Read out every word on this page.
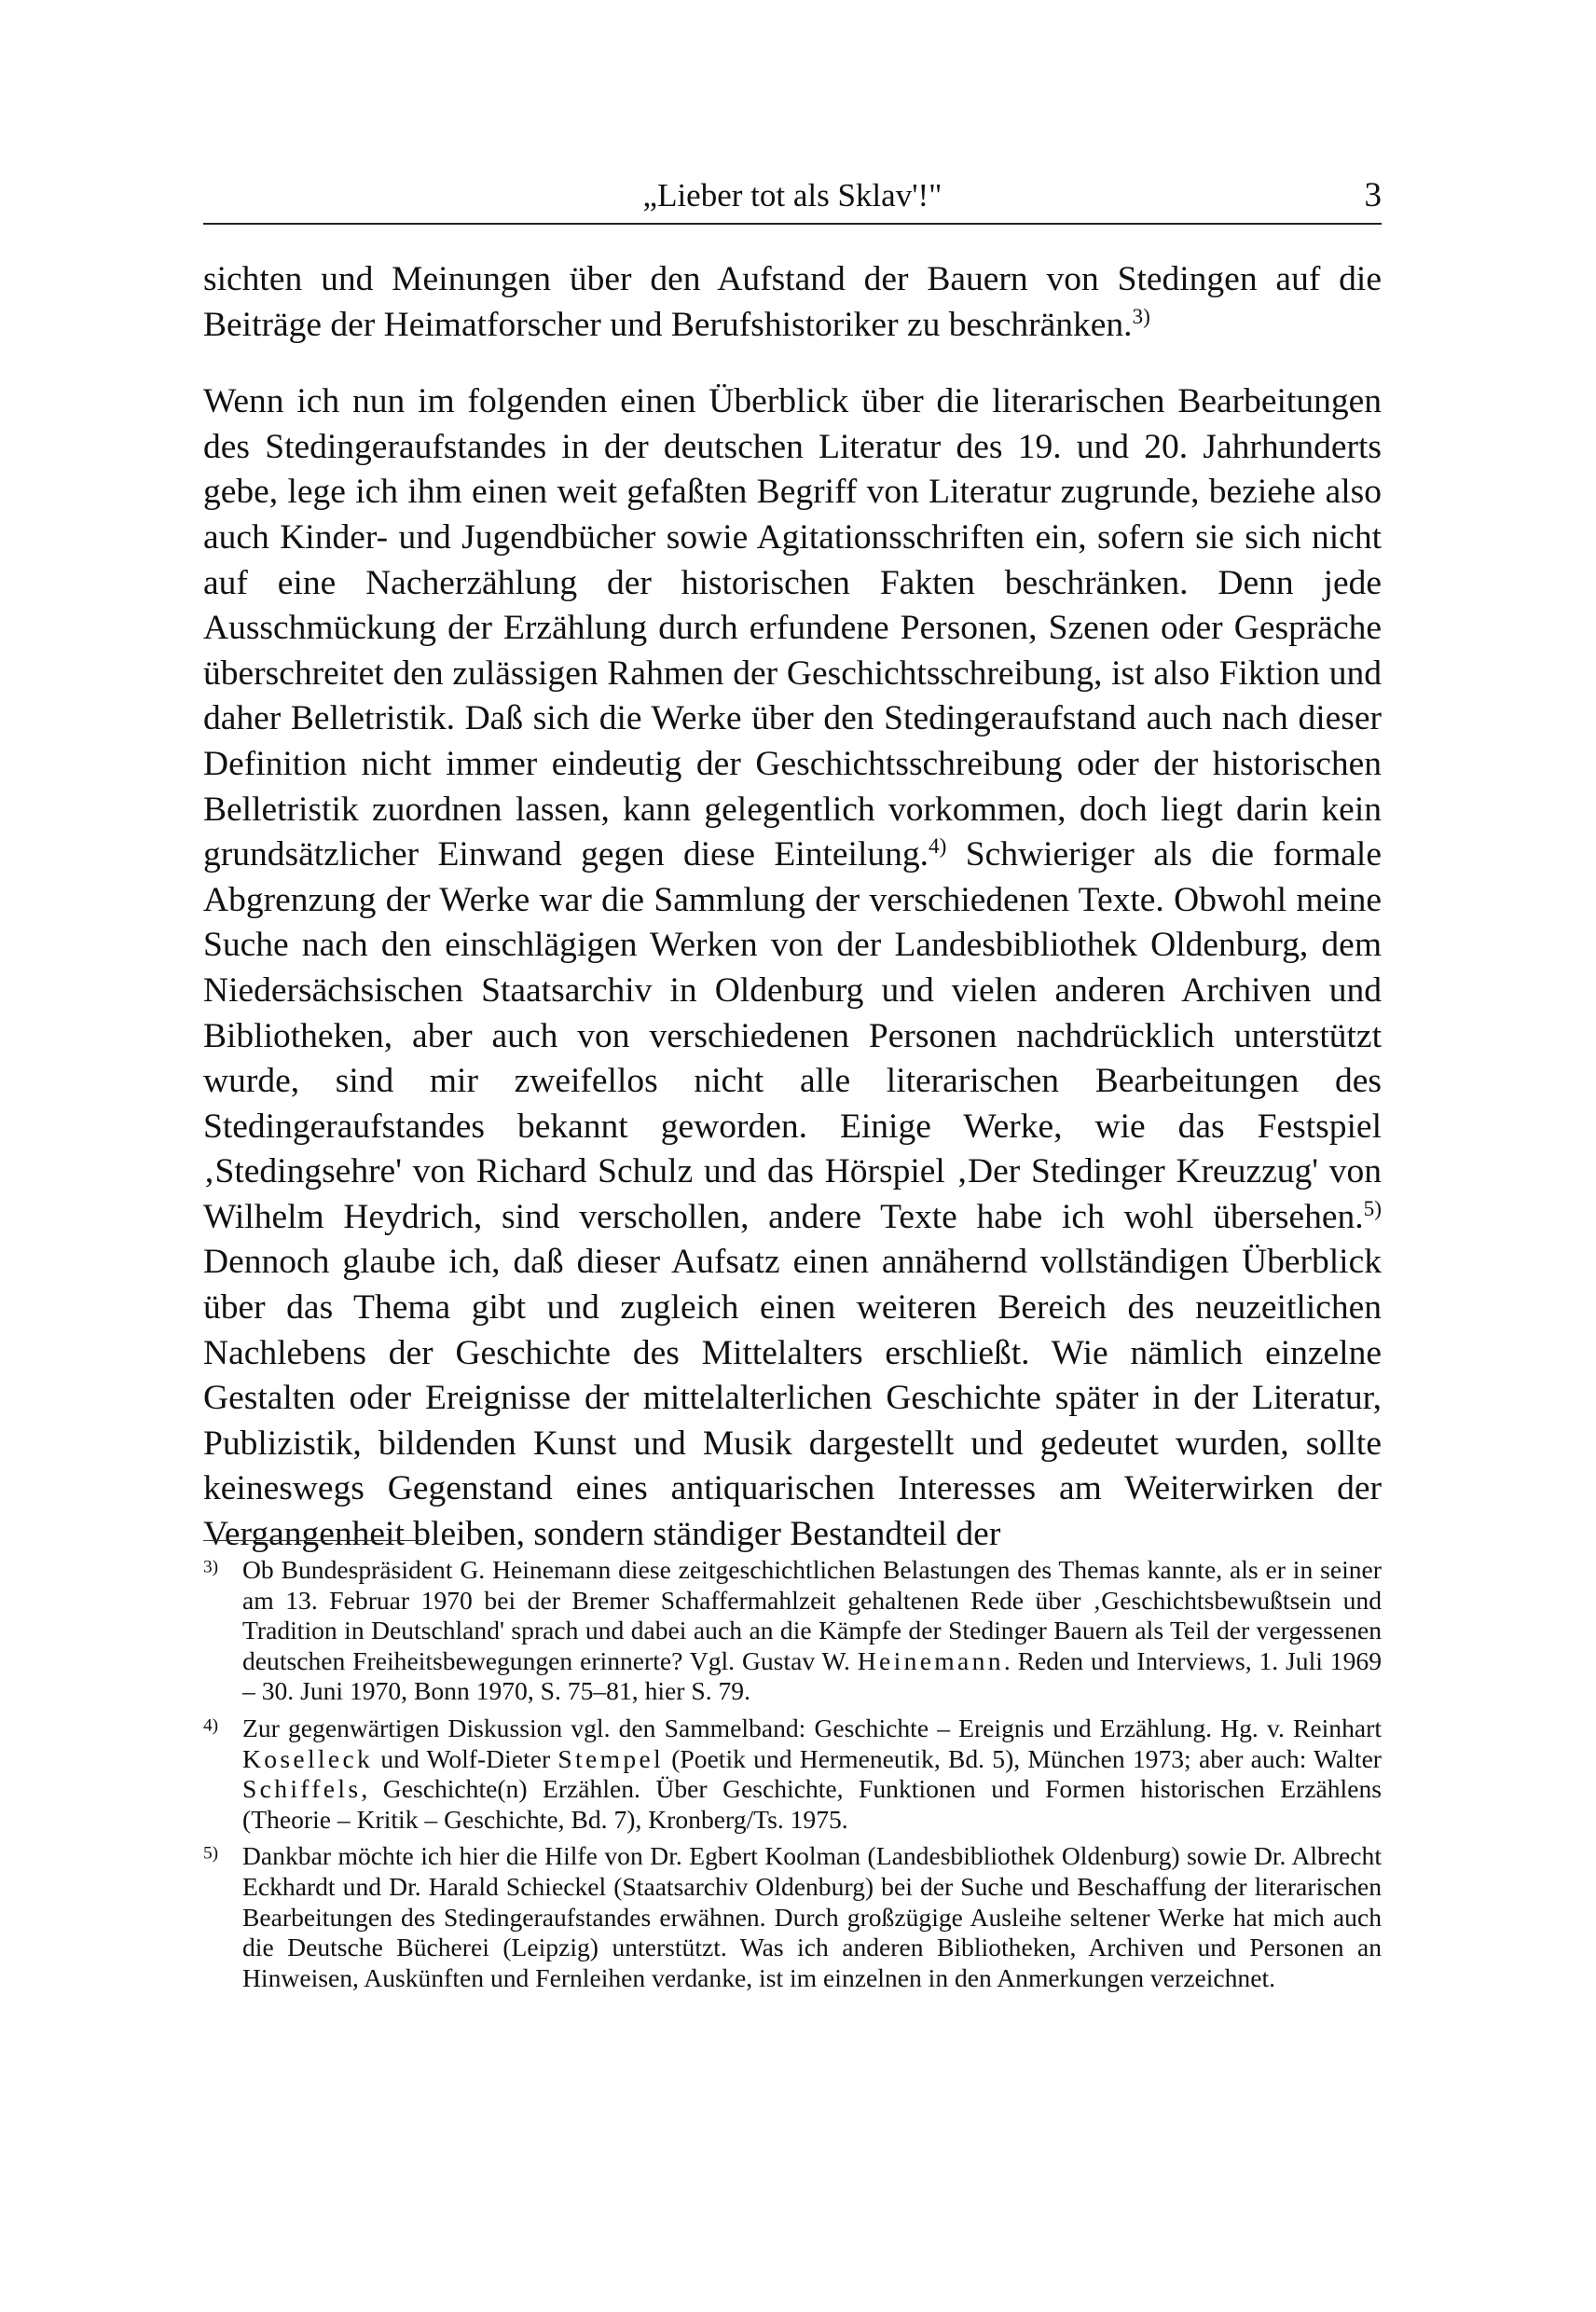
„Lieber tot als Sklav'!"	3

sichten und Meinungen über den Aufstand der Bauern von Stedingen auf die Beiträge der Heimatforscher und Berufshistoriker zu beschränken.$^{3)}$

Wenn ich nun im folgenden einen Überblick über die literarischen Bearbeitungen des Stedingeraufstandes in der deutschen Literatur des 19. und 20. Jahrhunderts gebe, lege ich ihm einen weit gefaßten Begriff von Literatur zugrunde, beziehe also auch Kinder- und Jugendbücher sowie Agitationsschriften ein, sofern sie sich nicht auf eine Nacherzählung der historischen Fakten beschränken. Denn jede Ausschmückung der Erzählung durch erfundene Personen, Szenen oder Gespräche überschreitet den zulässigen Rahmen der Geschichtsschreibung, ist also Fiktion und daher Belletristik. Daß sich die Werke über den Stedingeraufstand auch nach dieser Definition nicht immer eindeutig der Geschichtsschreibung oder der historischen Belletristik zuordnen lassen, kann gelegentlich vorkommen, doch liegt darin kein grundsätzlicher Einwand gegen diese Einteilung.$^{4)}$ Schwieriger als die formale Abgrenzung der Werke war die Sammlung der verschiedenen Texte. Obwohl meine Suche nach den einschlägigen Werken von der Landesbibliothek Oldenburg, dem Niedersächsischen Staatsarchiv in Oldenburg und vielen anderen Archiven und Bibliotheken, aber auch von verschiedenen Personen nachdrücklich unterstützt wurde, sind mir zweifellos nicht alle literarischen Bearbeitungen des Stedingeraufstandes bekannt geworden. Einige Werke, wie das Festspiel ‚Stedingsehre' von Richard Schulz und das Hörspiel ‚Der Stedinger Kreuzzug' von Wilhelm Heydrich, sind verschollen, andere Texte habe ich wohl übersehen.$^{5)}$ Dennoch glaube ich, daß dieser Aufsatz einen annähernd vollständigen Überblick über das Thema gibt und zugleich einen weiteren Bereich des neuzeitlichen Nachlebens der Geschichte des Mittelalters erschließt. Wie nämlich einzelne Gestalten oder Ereignisse der mittelalterlichen Geschichte später in der Literatur, Publizistik, bildenden Kunst und Musik dargestellt und gedeutet wurden, sollte keineswegs Gegenstand eines antiquarischen Interesses am Weiterwirken der Vergangenheit bleiben, sondern ständiger Bestandteil der

$^{3)}$ Ob Bundespräsident G. Heinemann diese zeitgeschichtlichen Belastungen des Themas kannte, als er in seiner am 13. Februar 1970 bei der Bremer Schaffermahlzeit gehaltenen Rede über ‚Geschichtsbewußtsein und Tradition in Deutschland' sprach und dabei auch an die Kämpfe der Stedinger Bauern als Teil der vergessenen deutschen Freiheitsbewegungen erinnerte? Vgl. Gustav W. Heinemann. Reden und Interviews, 1. Juli 1969 – 30. Juni 1970, Bonn 1970, S. 75–81, hier S. 79.
$^{4)}$ Zur gegenwärtigen Diskussion vgl. den Sammelband: Geschichte – Ereignis und Erzählung. Hg. v. Reinhart Koselleck und Wolf-Dieter Stempel (Poetik und Hermeneutik, Bd. 5), München 1973; aber auch: Walter Schiffels, Geschichte(n) Erzählen. Über Geschichte, Funktionen und Formen historischen Erzählens (Theorie – Kritik – Geschichte, Bd. 7), Kronberg/Ts. 1975.
$^{5)}$ Dankbar möchte ich hier die Hilfe von Dr. Egbert Koolman (Landesbibliothek Oldenburg) sowie Dr. Albrecht Eckhardt und Dr. Harald Schieckel (Staatsarchiv Oldenburg) bei der Suche und Beschaffung der literarischen Bearbeitungen des Stedingeraufstandes erwähnen. Durch großzügige Ausleihe seltener Werke hat mich auch die Deutsche Bücherei (Leipzig) unterstützt. Was ich anderen Bibliotheken, Archiven und Personen an Hinweisen, Auskünften und Fernleihen verdanke, ist im einzelnen in den Anmerkungen verzeichnet.
